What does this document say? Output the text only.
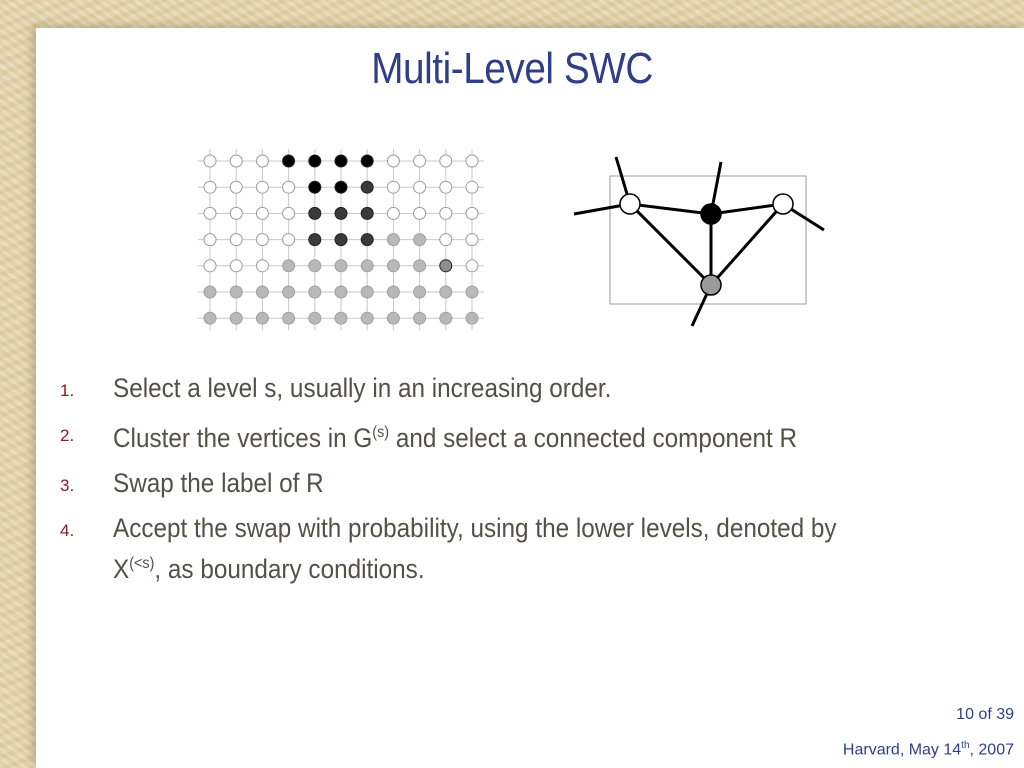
Multi-Level SWC
1. Select a level s, usually in an increasing order.
2. Cluster the vertices in $G^{(s)}$ and select a connected component R
3. Swap the label of R
4. Accept the swap with probability, using the lower levels, denoted by
$X^{(<s)}$, as boundary conditions.
10 of 39
Harvard, May 14th, 2007
